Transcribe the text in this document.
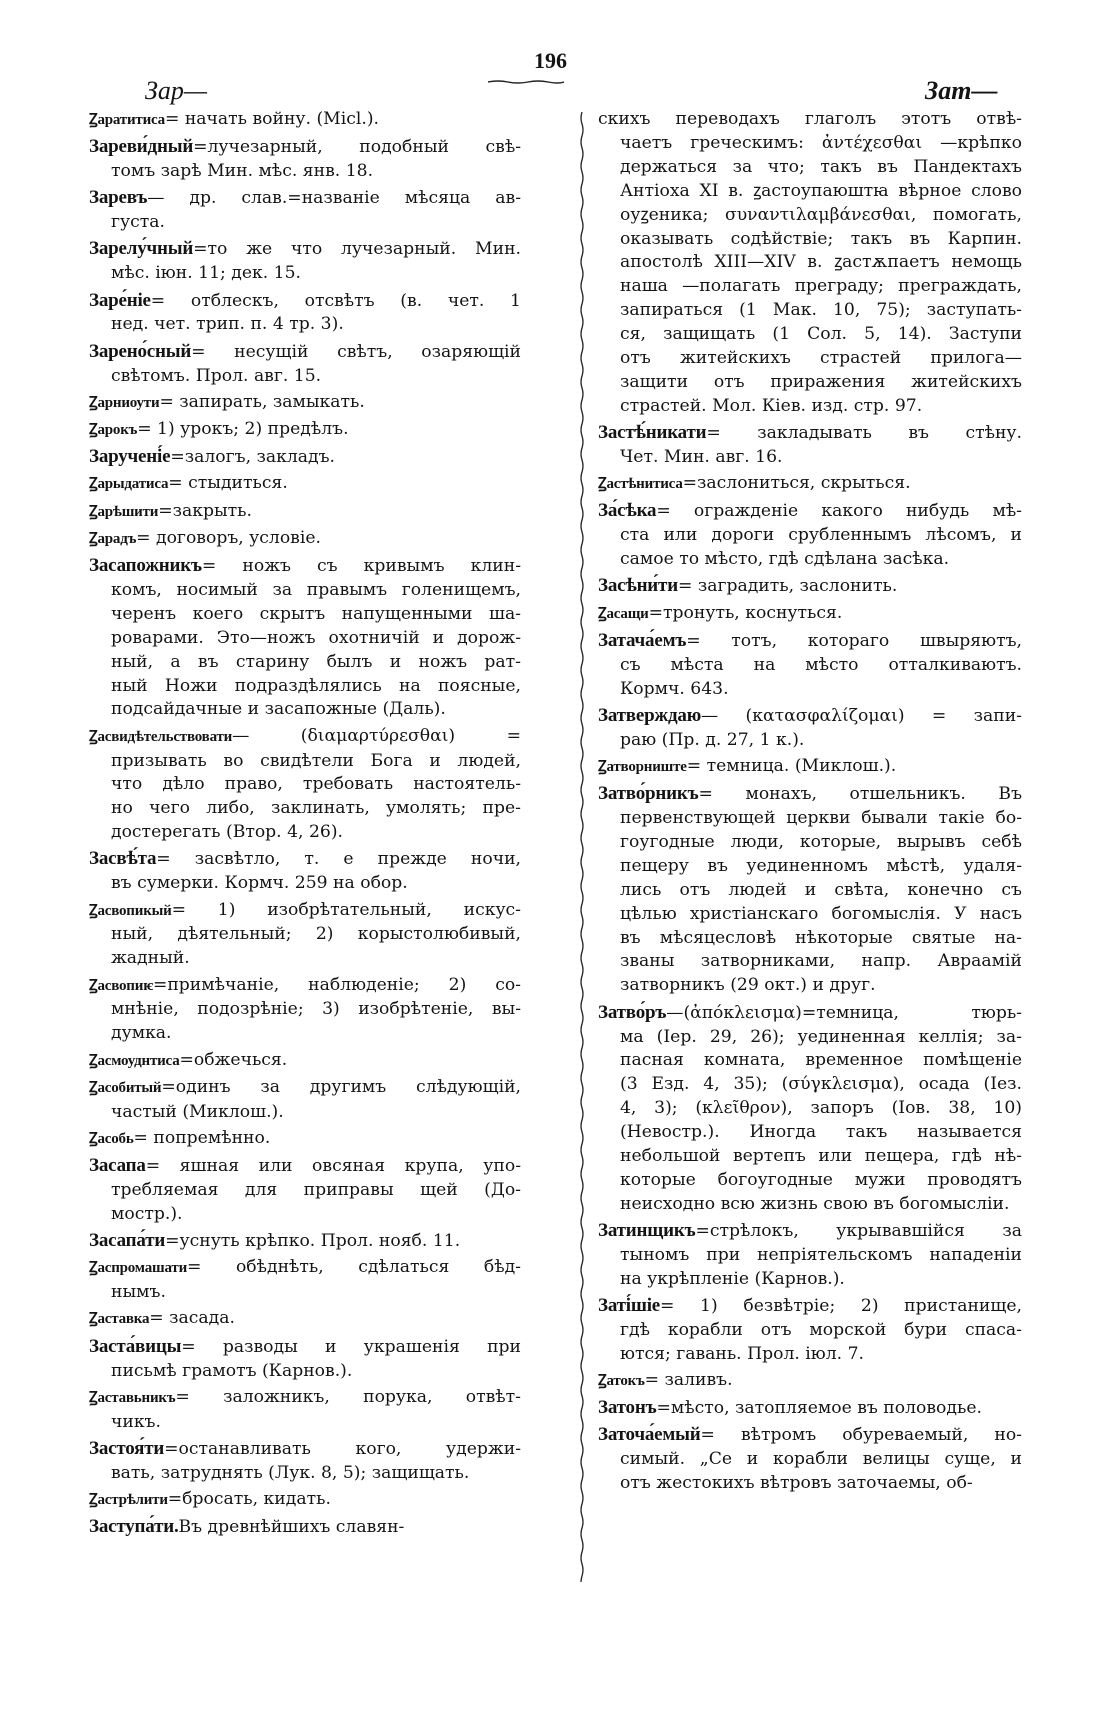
Зар—
196
Зат—
Ꙁаратитиса= начать войну. (Micl.).
Зареви́дный=лучезарный, подобный свѣ-
томъ зарѣ Мин. мѣс. янв. 18.
Заревъ— др. слав.=названіе мѣсяца ав-
густа.
Зарелу́чный=то же что лучезарный. Мин.
мѣс. іюн. 11; дек. 15.
Заре́ніе= отблескъ, отсвѣтъ (в. чет. 1
нед. чет. трип. п. 4 тр. 3).
Зарено́сный= несущій свѣтъ, озаряющій
свѣтомъ. Прол. авг. 15.
Ꙁарниоути= запирать, замыкать.
Ꙁарокъ= 1) урокъ; 2) предѣлъ.
Заручені́е=залогъ, закладъ.
Ꙁарыдатиса= стыдиться.
Ꙁарѣшити=закрыть.
Ꙁарадъ= договоръ, условіе.
Засапожникъ= ножъ съ кривымъ клин-
комъ, носимый за правымъ голенищемъ,
черенъ коего скрытъ напущенными ша-
роварами. Это—ножъ охотничій и дорож-
ный, а въ старину былъ и ножъ рат-
ный Ножи подраздѣлялись на поясные,
подсайдачные и засапожные (Даль).
Ꙁасвидѣтельствовати— (διαμαρτύρεσθαι) =
призывать во свидѣтели Бога и людей,
что дѣло право, требовать настоятель-
но чего либо, заклинать, умолять; пре-
достерегать (Втор. 4, 26).
Засвѣ́та= засвѣтло, т. е прежде ночи,
въ сумерки. Кормч. 259 на обор.
Ꙁасвопикый= 1) изобрѣтательный, искус-
ный, дѣятельный; 2) корыстолюбивый,
жадный.
Ꙁасвопиѥ=примѣчаніе, наблюденіе; 2) со-
мнѣніе, подозрѣніе; 3) изобрѣтеніе, вы-
думка.
Ꙁасмоуднтиса=обжечься.
Ꙁасобитый=одинъ за другимъ слѣдующій,
частый (Миклош.).
Ꙁасобь= попремѣнно.
Засапа= яшная или овсяная крупа, упо-
требляемая для приправы щей (До-
мостр.).
Засапа́ти=уснуть крѣпко. Прол. нояб. 11.
Ꙁаспромашати= обѣднѣть, сдѣлаться бѣд-
нымъ.
Ꙁаставка= засада.
Заста́вицы= разводы и украшенія при
письмѣ грамотъ (Карнов.).
Ꙁаставьникъ= заложникъ, порука, отвѣт-
чикъ.
Застоя́ти=останавливать кого, удержи-
вать, затруднять (Лук. 8, 5); защищать.
Ꙁастрѣлити=бросать, кидать.
Заступа́ти.Въ древнѣйшихъ славян-
скихъ переводахъ глаголъ этотъ отвѣ-
чаетъ греческимъ: ἀντέχεσθαι —крѣпко
держаться за что; такъ въ Пандектахъ
Антіоха XI в. ꙁастоупаюштꙗ вѣрное слово
оуꙁеника; συναντιλαμβάνεσθαι, помогать,
оказывать содѣйствіе; такъ въ Карпин.
апостолѣ XIII—XIV в. ꙁастѫпаетъ немощь
наша —полагать преграду; преграждать,
запираться (1 Мак. 10, 75); заступать-
ся, защищать (1 Сол. 5, 14). Заступи
отъ житейскихъ страстей прилога—
защити отъ приражения житейскихъ
страстей. Мол. Кіев. изд. стр. 97.
Застѣ́никати= закладывать въ стѣну.
Чет. Мин. авг. 16.
Ꙁастѣнитиса=заслониться, скрыться.
За́сѣка= огражденіе какого нибудь мѣ-
ста или дороги срубленнымъ лѣсомъ, и
самое то мѣсто, гдѣ сдѣлана засѣка.
Засѣни́ти= заградить, заслонить.
Ꙁасащи=тронуть, коснуться.
Затача́емъ= тотъ, котораго швыряютъ,
съ мѣста на мѣсто отталкиваютъ.
Кормч. 643.
Затверждаю— (κατασφαλίζομαι) = запи-
раю (Пр. д. 27, 1 к.).
Ꙁатворниште= темница. (Миклош.).
Затво́рникъ= монахъ, отшельникъ. Въ
первенствующей церкви бывали такіе бо-
гоугодные люди, которые, вырывъ себѣ
пещеру въ уединенномъ мѣстѣ, удаля-
лись отъ людей и свѣта, конечно съ
цѣлью христіанскаго богомыслія. У насъ
въ мѣсяцесловѣ нѣкоторые святые на-
званы затворниками, напр. Авраамій
затворникъ (29 окт.) и друг.
Затво́ръ—(ἀπόκλεισμα)=темница, тюрь-
ма (Іер. 29, 26); уединенная келлія; за-
пасная комната, временное помѣщеніе
(3 Езд. 4, 35); (σύγκλεισμα), осада (Іез.
4, 3); (κλεῖθρον), запоръ (Іов. 38, 10)
(Невостр.). Иногда такъ называется
небольшой вертепъ или пещера, гдѣ нѣ-
которые богоугодные мужи проводятъ
неисходно всю жизнь свою въ богомысліи.
Затинщикъ=стрѣлокъ, укрывавшійся за
тыномъ при непріятельскомъ нападеніи
на укрѣпленіе (Карнов.).
Заті́шіе= 1) безвѣтріе; 2) пристанище,
гдѣ корабли отъ морской бури спаса-
ются; гавань. Прол. іюл. 7.
Ꙁатокъ= заливъ.
Затонъ=мѣсто, затопляемое въ половодье.
Заточа́емый= вѣтромъ обуреваемый, но-
симый. „Се и корабли велицы суще, и
отъ жестокихъ вѣтровъ заточаемы, об-
